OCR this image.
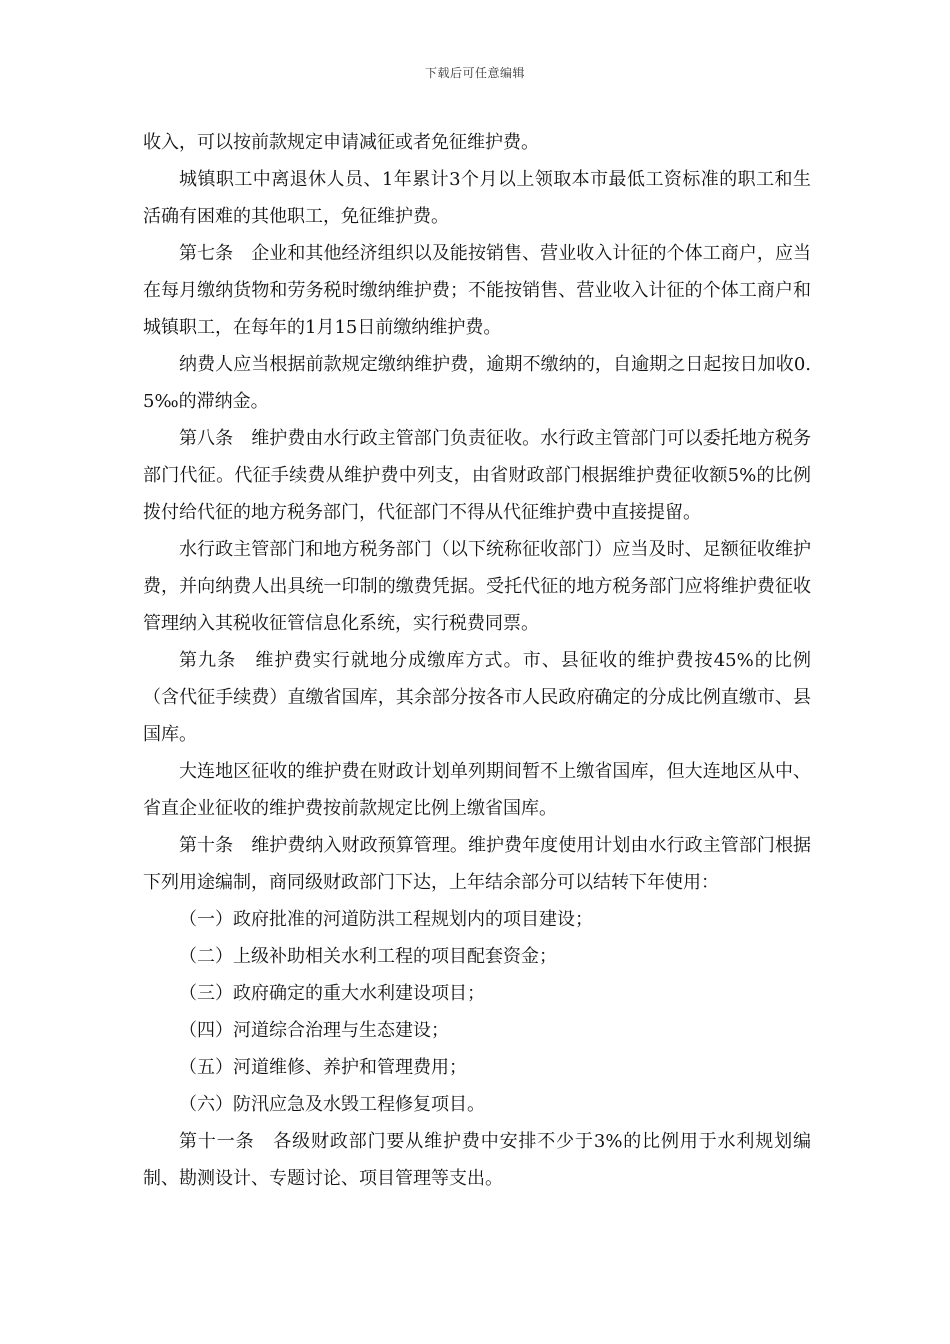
下载后可任意编辑

收入，可以按前款规定申请减征或者免征维护费。

城镇职工中离退休人员、1年累计3个月以上领取本市最低工资标准的职工和生活确有困难的其他职工，免征维护费。

第七条　企业和其他经济组织以及能按销售、营业收入计征的个体工商户，应当在每月缴纳货物和劳务税时缴纳维护费；不能按销售、营业收入计征的个体工商户和城镇职工，在每年的1月15日前缴纳维护费。

纳费人应当根据前款规定缴纳维护费，逾期不缴纳的，自逾期之日起按日加收0.5‰的滞纳金。

第八条　维护费由水行政主管部门负责征收。水行政主管部门可以委托地方税务部门代征。代征手续费从维护费中列支，由省财政部门根据维护费征收额5%的比例拨付给代征的地方税务部门，代征部门不得从代征维护费中直接提留。

水行政主管部门和地方税务部门（以下统称征收部门）应当及时、足额征收维护费，并向纳费人出具统一印制的缴费凭据。受托代征的地方税务部门应将维护费征收管理纳入其税收征管信息化系统，实行税费同票。

第九条　维护费实行就地分成缴库方式。市、县征收的维护费按45%的比例（含代征手续费）直缴省国库，其余部分按各市人民政府确定的分成比例直缴市、县国库。

大连地区征收的维护费在财政计划单列期间暂不上缴省国库，但大连地区从中、省直企业征收的维护费按前款规定比例上缴省国库。

第十条　维护费纳入财政预算管理。维护费年度使用计划由水行政主管部门根据下列用途编制，商同级财政部门下达，上年结余部分可以结转下年使用：

（一）政府批准的河道防洪工程规划内的项目建设；

（二）上级补助相关水利工程的项目配套资金；

（三）政府确定的重大水利建设项目；

（四）河道综合治理与生态建设；

（五）河道维修、养护和管理费用；

（六）防汛应急及水毁工程修复项目。

第十一条　各级财政部门要从维护费中安排不少于3%的比例用于水利规划编制、勘测设计、专题讨论、项目管理等支出。
